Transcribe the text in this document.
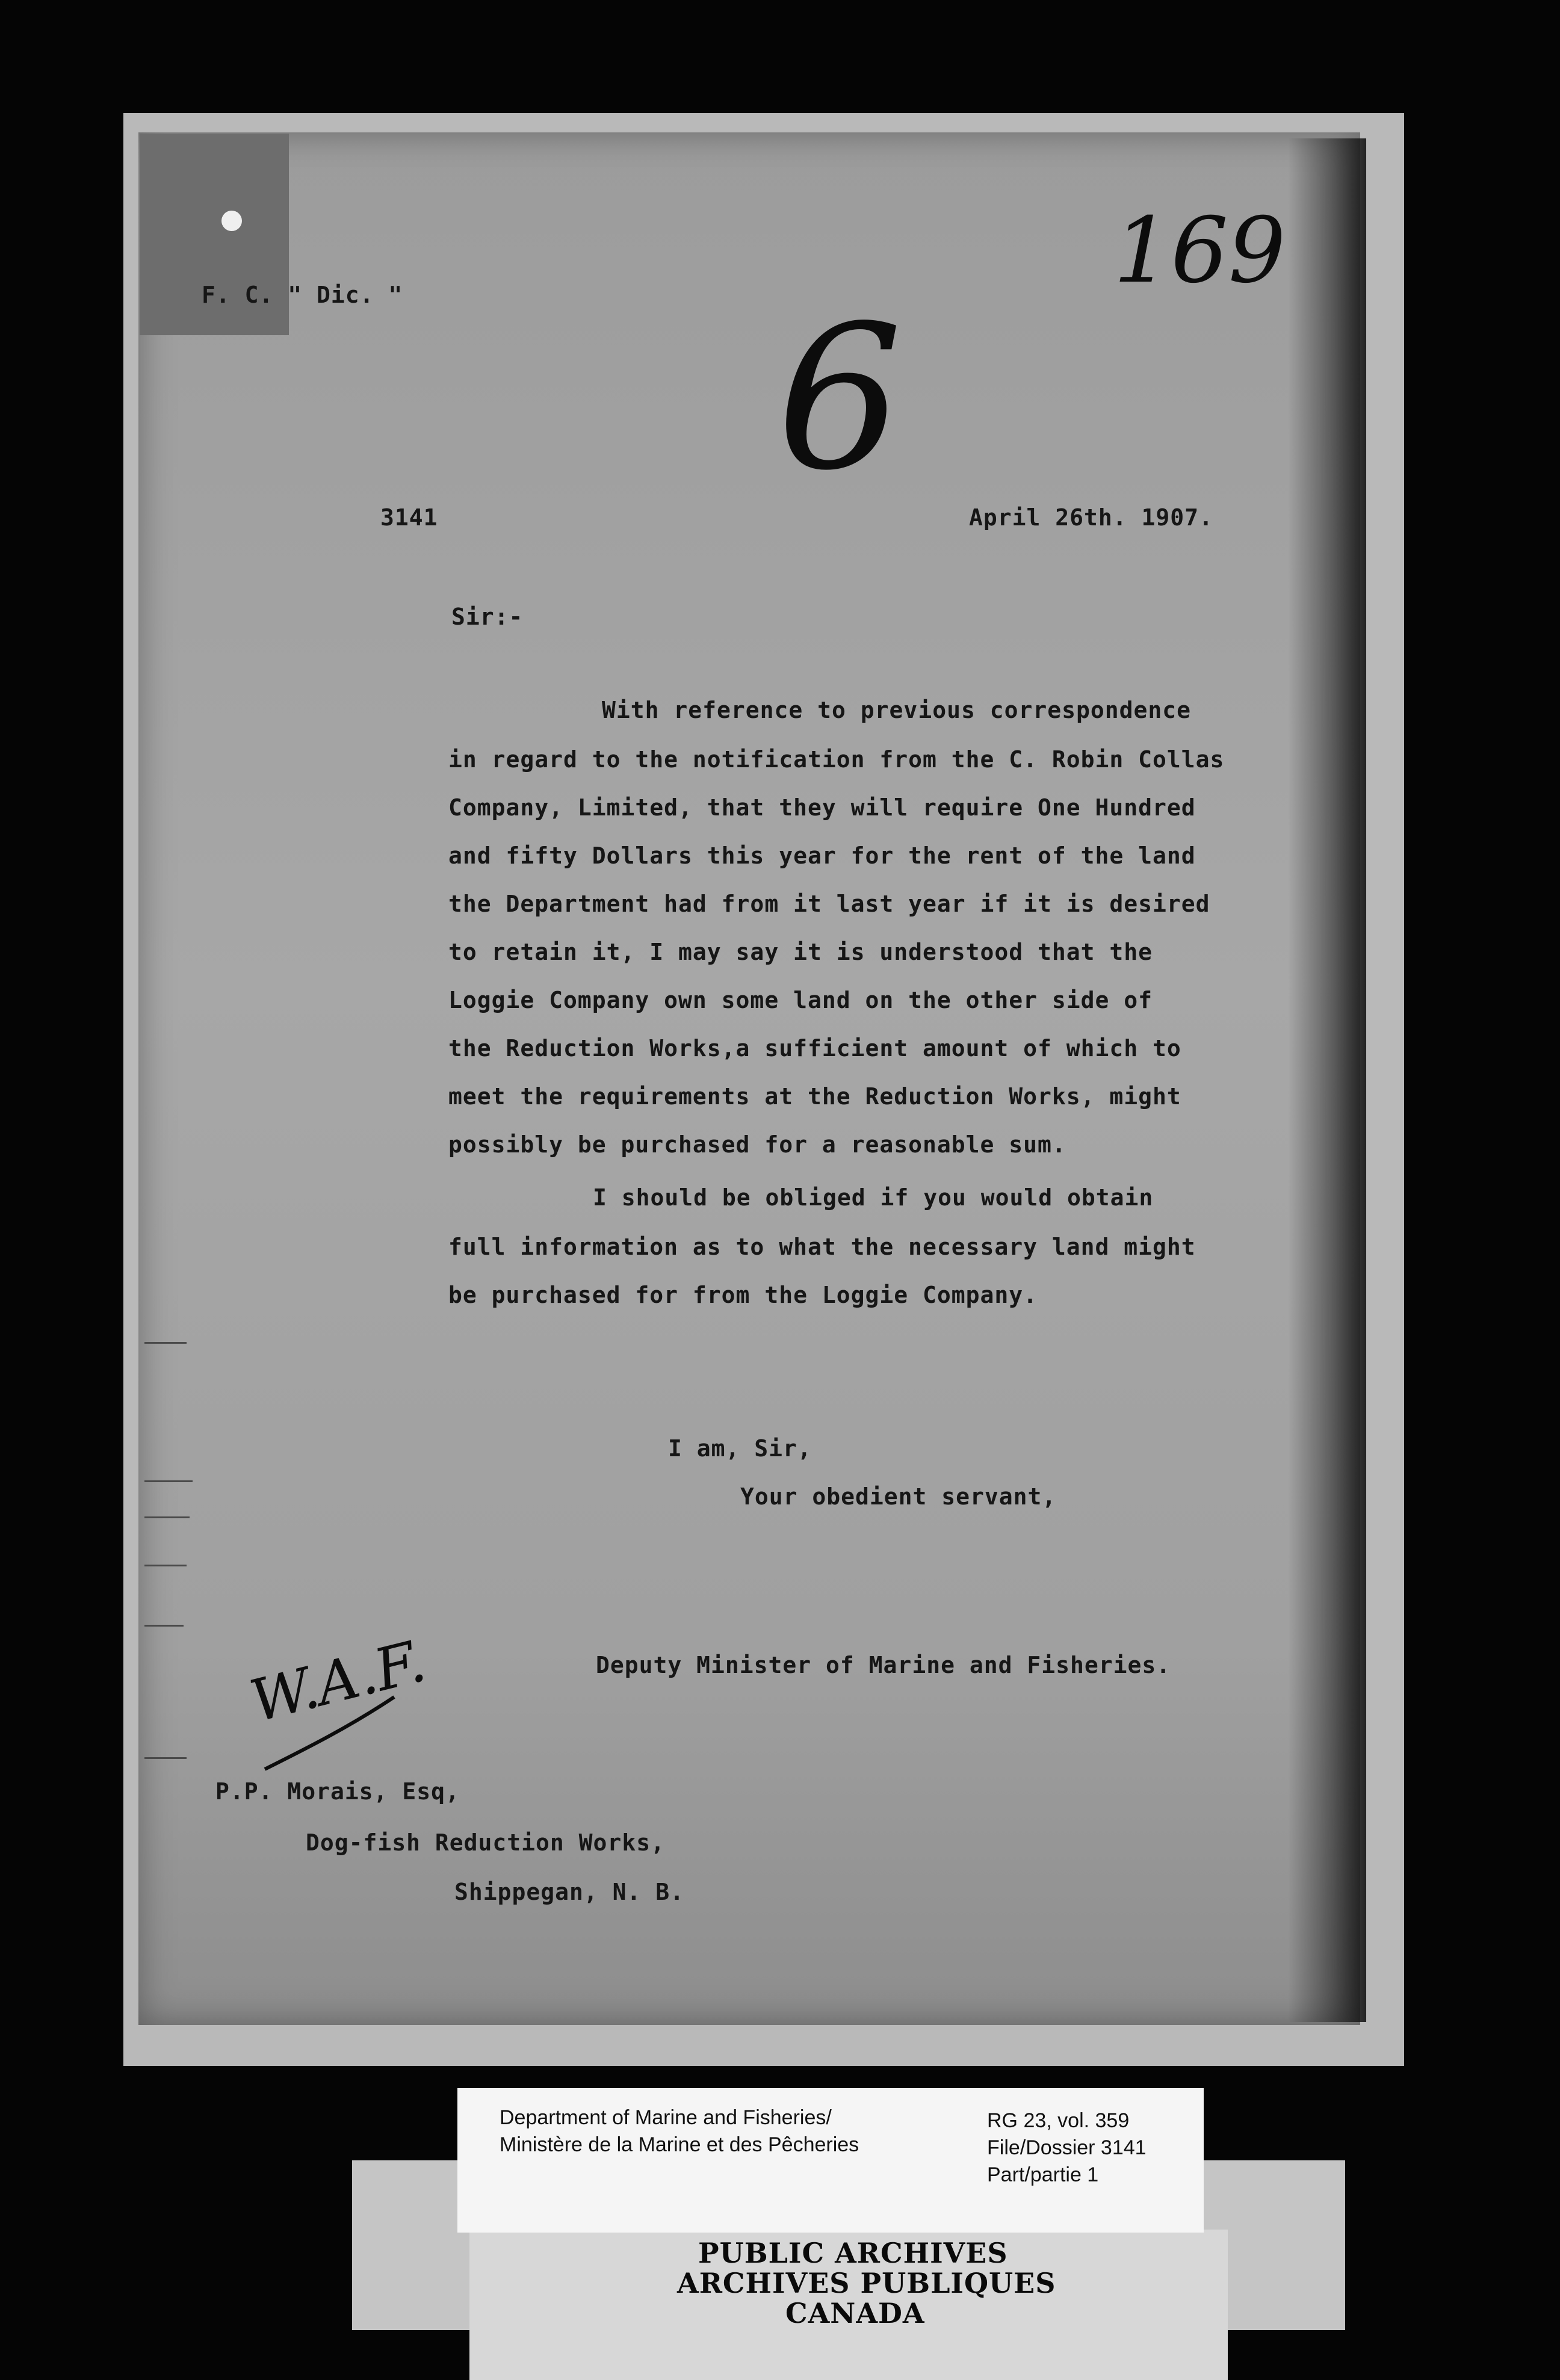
F. C. " Dic. "	169
6
3141	April 26th. 1907.
Sir:-
With reference to previous correspondence
in regard to the notification from the C. Robin Collas
Company, Limited, that they will require One Hundred
and fifty Dollars this year for the rent of the land
the Department had from it last year if it is desired
to retain it, I may say it is understood that the
Loggie Company own some land on the other side of
the Reduction Works,a sufficient amount of which to
meet the requirements at the Reduction Works, might
possibly be purchased for a reasonable sum.
I should be obliged if you would obtain
full information as to what the necessary land might
be purchased for from the Loggie Company.
I am, Sir,
Your obedient servant,
Deputy Minister of Marine and Fisheries.
W.A.F.
P.P. Morais, Esq,
Dog-fish Reduction Works,
Shippegan, N. B.
PUBLIC ARCHIVES
ARCHIVES PUBLIQUES
CANADA
Department of Marine and Fisheries/
Ministère de la Marine et des Pêcheries
RG 23, vol. 359
File/Dossier 3141
Part/partie 1
